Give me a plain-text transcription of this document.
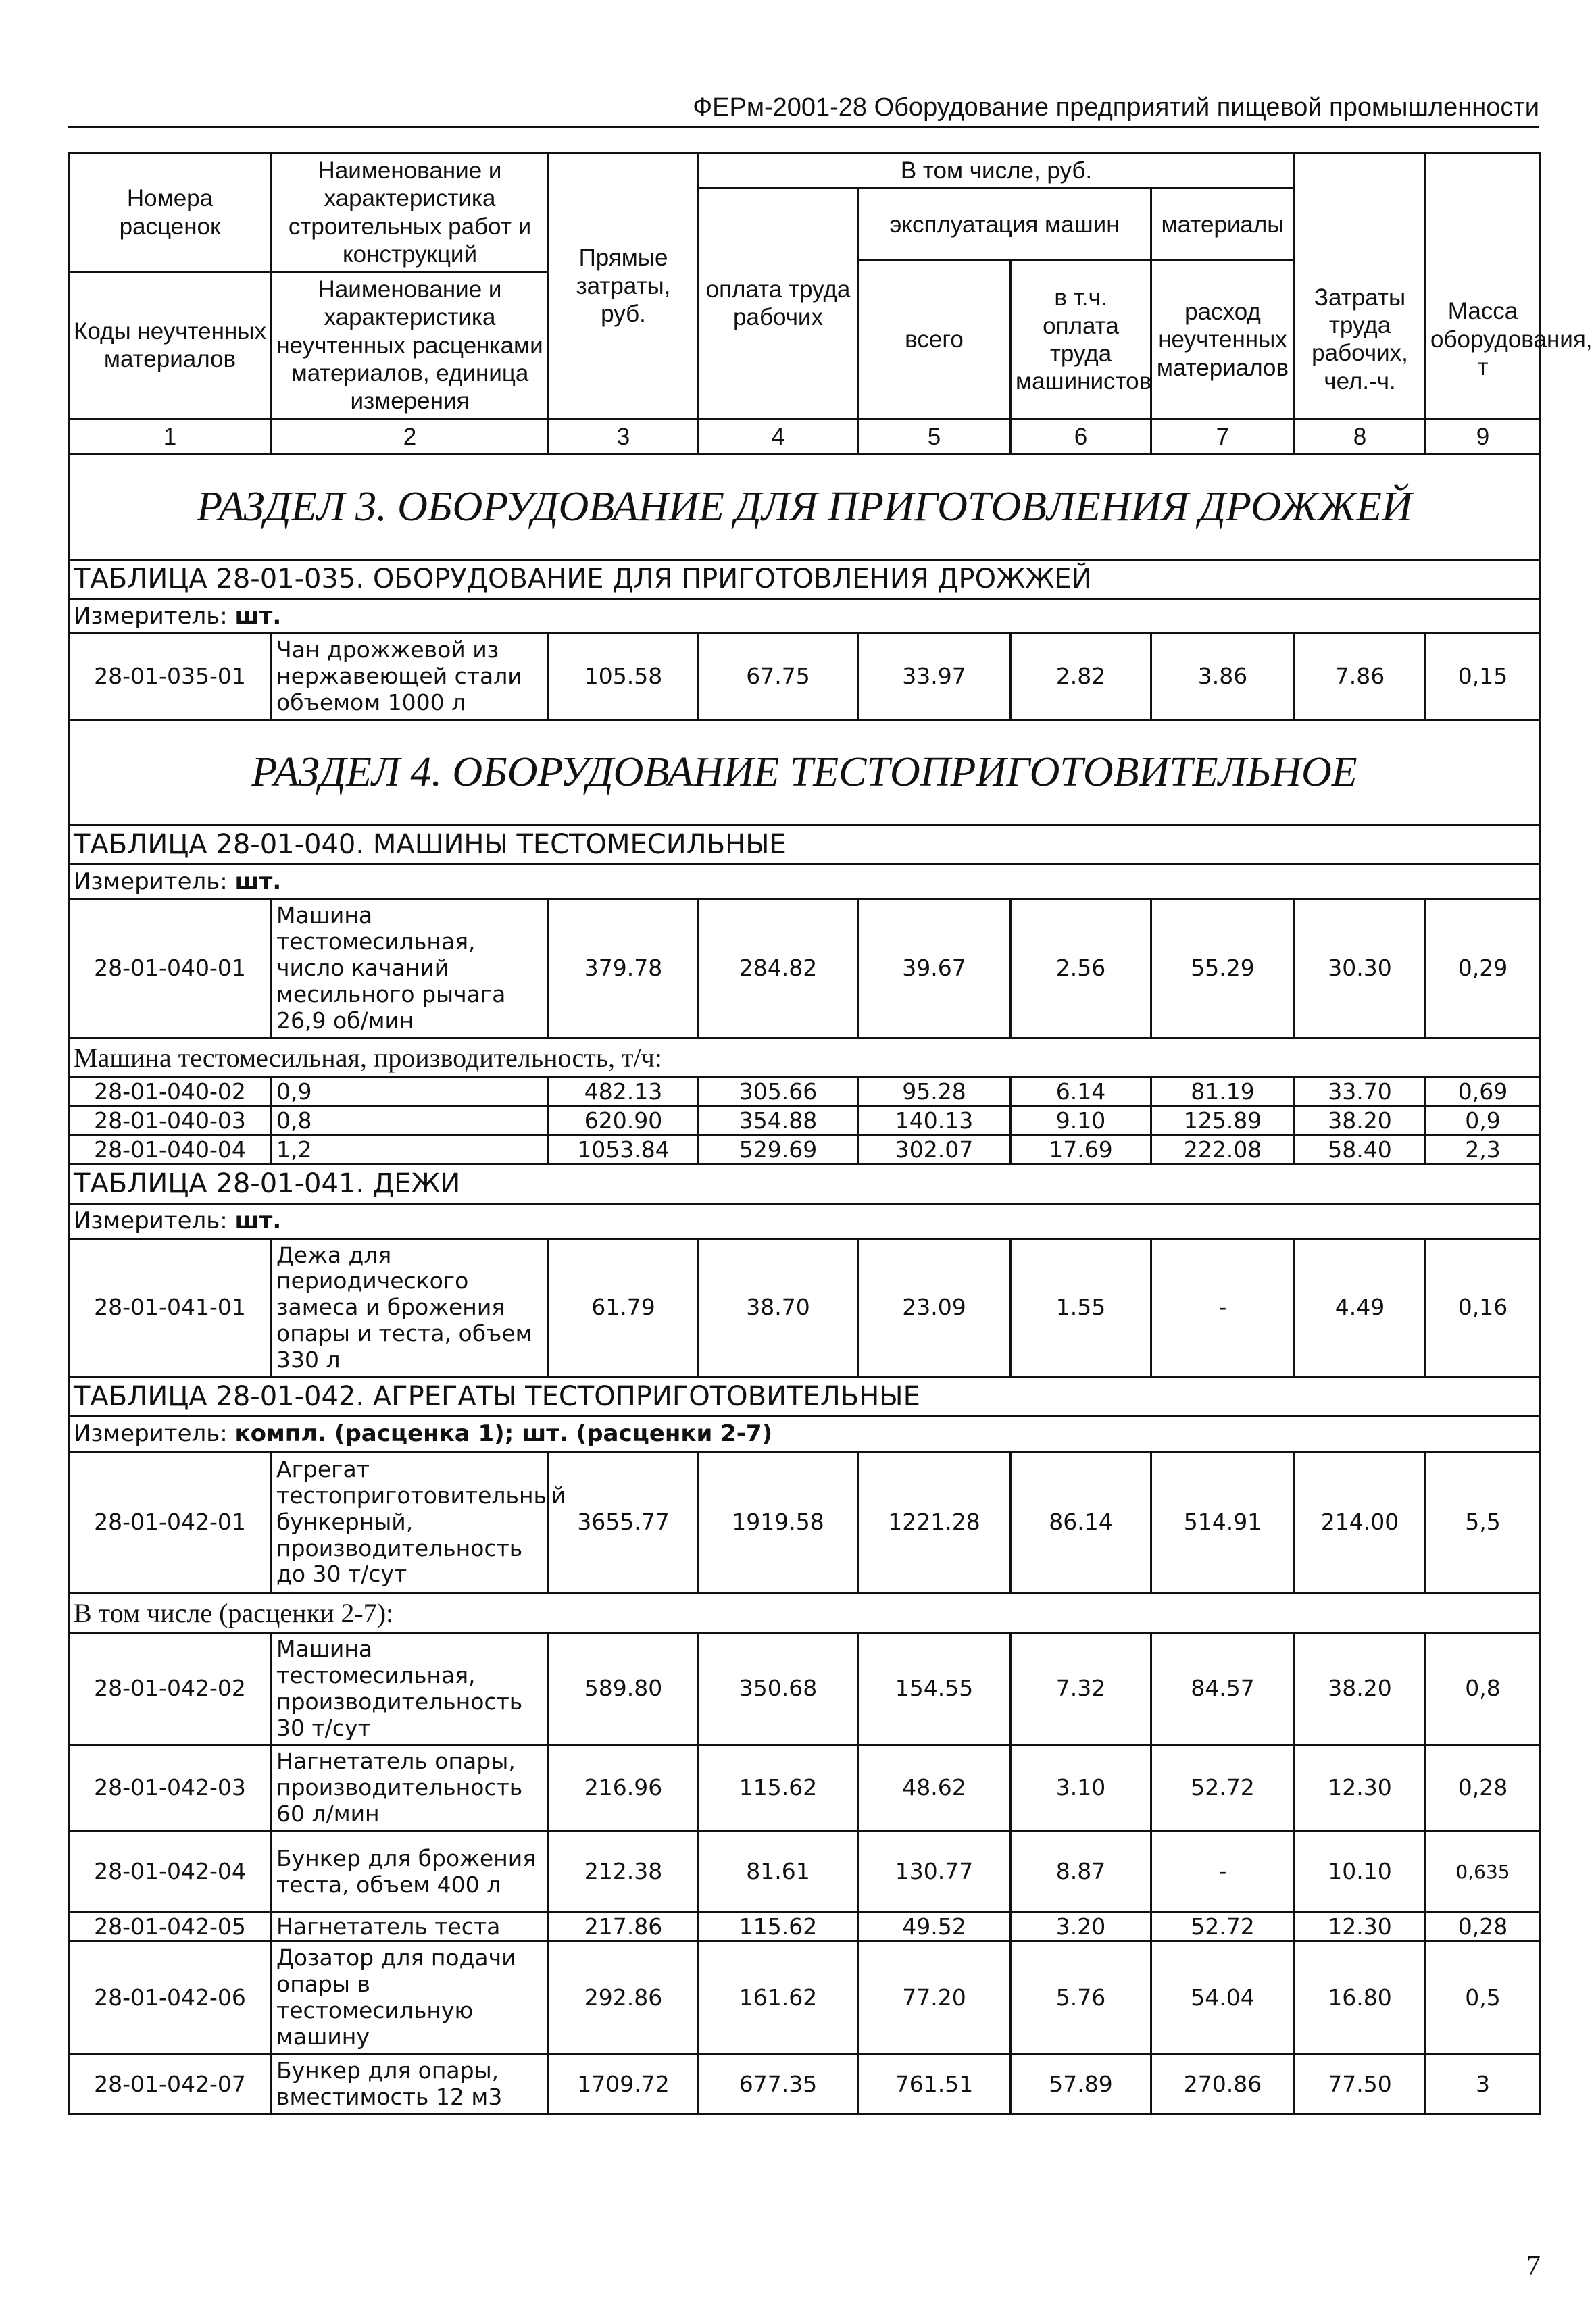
ФЕРм-2001-28 Оборудование предприятий пищевой промышленности
Номера расценок	Наименование и характеристика строительных работ и конструкций	Прямые затраты, руб.	В том числе, руб.					
			оплата труда рабочих	эксплуатация машин		материалы		
				всего	в т.ч. оплата труда машинистов	расход неучтенных материалов	Затраты труда рабочих, чел.-ч.	Масса оборудования, т
Коды неучтенных материалов	Наименование и характеристика неучтенных расценками материалов, единица измерения							

1	2	3	4	5	6	7	8	9
РАЗДЕЛ 3. ОБОРУДОВАНИЕ ДЛЯ ПРИГОТОВЛЕНИЯ ДРОЖЖЕЙ								
ТАБЛИЦА 28-01-035. ОБОРУДОВАНИЕ ДЛЯ ПРИГОТОВЛЕНИЯ ДРОЖЖЕЙ								
Измеритель: шт.								
28-01-035-01	Чан дрожжевой из нержавеющей стали объемом 1000 л	105.58	67.75	33.97	2.82	3.86	7.86	0,15
РАЗДЕЛ 4. ОБОРУДОВАНИЕ ТЕСТОПРИГОТОВИТЕЛЬНОЕ								
ТАБЛИЦА 28-01-040. МАШИНЫ ТЕСТОМЕСИЛЬНЫЕ								
Измеритель: шт.								
28-01-040-01	Машина тестомесильная, число качаний месильного рычага 26,9 об/мин	379.78	284.82	39.67	2.56	55.29	30.30	0,29
Машина тестомесильная, производительность, т/ч:								
28-01-040-02	0,9	482.13	305.66	95.28	6.14	81.19	33.70	0,69
28-01-040-03	0,8	620.90	354.88	140.13	9.10	125.89	38.20	0,9
28-01-040-04	1,2	1053.84	529.69	302.07	17.69	222.08	58.40	2,3
ТАБЛИЦА 28-01-041. ДЕЖИ								
Измеритель: шт.								
28-01-041-01	Дежа для периодического замеса и брожения опары и теста, объем 330 л	61.79	38.70	23.09	1.55	-	4.49	0,16
ТАБЛИЦА 28-01-042. АГРЕГАТЫ ТЕСТОПРИГОТОВИТЕЛЬНЫЕ								
Измеритель: компл. (расценка 1); шт. (расценки 2-7)								
28-01-042-01	Агрегат тестоприготовительный бункерный, производительность до 30 т/сут	3655.77	1919.58	1221.28	86.14	514.91	214.00	5,5
В том числе (расценки 2-7):								
28-01-042-02	Машина тестомесильная, производительность 30 т/сут	589.80	350.68	154.55	7.32	84.57	38.20	0,8
28-01-042-03	Нагнетатель опары, производительность 60 л/мин	216.96	115.62	48.62	3.10	52.72	12.30	0,28
28-01-042-04	Бункер для брожения теста, объем 400 л	212.38	81.61	130.77	8.87	-	10.10	0,635
28-01-042-05	Нагнетатель теста	217.86	115.62	49.52	3.20	52.72	12.30	0,28
28-01-042-06	Дозатор для подачи опары в тестомесильную машину	292.86	161.62	77.20	5.76	54.04	16.80	0,5
28-01-042-07	Бункер для опары, вместимость 12 м3	1709.72	677.35	761.51	57.89	270.86	77.50	3
7
